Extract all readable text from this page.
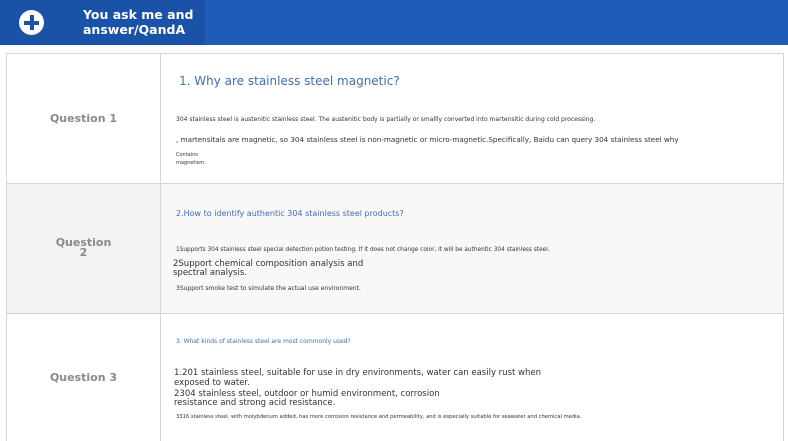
You ask me and
answer/QandA
Question 1
1. Why are stainless steel magnetic?
304 stainless steel is austenitic stainless steel. The austenitic body is partially or smallly converted into martensitic during cold processing.
, martensitals are magnetic, so 304 stainless steel is non-magnetic or micro-magnetic.Specifically, Baidu can query 304 stainless steel why
Contains
magnetism.
Question
2
2.How to identify authentic 304 stainless steel products?
1Supports 304 stainless steel special detection potion testing. If it does not change color, it will be authentic 304 stainless steel.
2Support chemical composition analysis and
spectral analysis.
3Support smoke test to simulate the actual use environment.
Question 3
3. What kinds of stainless steel are most commonly used?
1.201 stainless steel, suitable for use in dry environments, water can easily rust when
exposed to water.
2304 stainless steel, outdoor or humid environment, corrosion
resistance and strong acid resistance.
3316 stainless steel, with molybdenum added, has more corrosion resistance and permeability, and is especially suitable for seawater and chemical media.
